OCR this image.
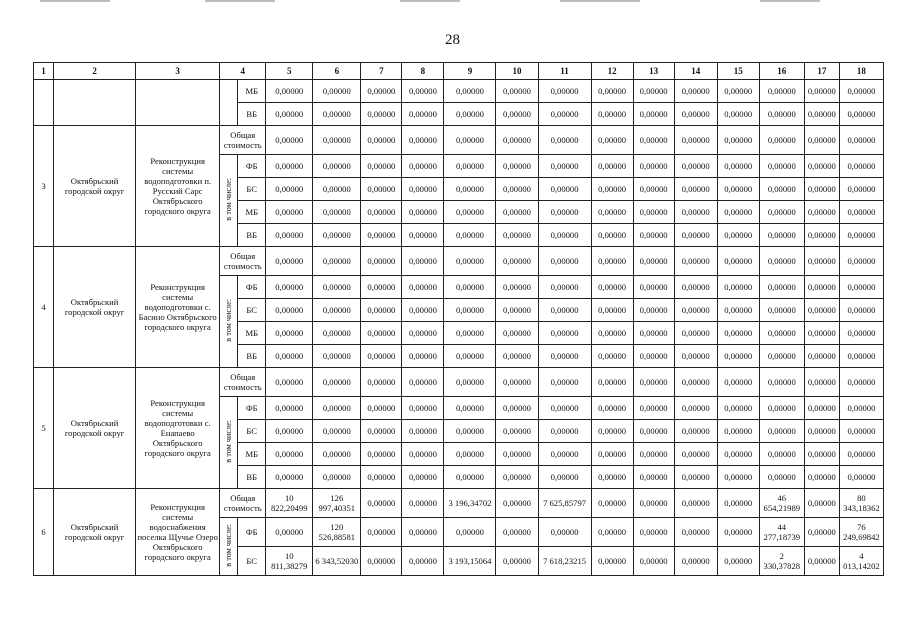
28
1	2	3	4		5	6	7	8	9	10	11	12	13	14	15	16	17	18
				МБ	0,00000	0,00000	0,00000	0,00000	0,00000	0,00000	0,00000	0,00000	0,00000	0,00000	0,00000	0,00000	0,00000	0,00000
				ВБ	0,00000	0,00000	0,00000	0,00000	0,00000	0,00000	0,00000	0,00000	0,00000	0,00000	0,00000	0,00000	0,00000	0,00000
3	Октябрьский городской округ	Реконструкция системы водоподготовки п. Русский Сарс Октябрьского городского округа	Общая стоимость		0,00000	0,00000	0,00000	0,00000	0,00000	0,00000	0,00000	0,00000	0,00000	0,00000	0,00000	0,00000	0,00000	0,00000
			в том числе:	ФБ	0,00000	0,00000	0,00000	0,00000	0,00000	0,00000	0,00000	0,00000	0,00000	0,00000	0,00000	0,00000	0,00000	0,00000
				БС	0,00000	0,00000	0,00000	0,00000	0,00000	0,00000	0,00000	0,00000	0,00000	0,00000	0,00000	0,00000	0,00000	0,00000
				МБ	0,00000	0,00000	0,00000	0,00000	0,00000	0,00000	0,00000	0,00000	0,00000	0,00000	0,00000	0,00000	0,00000	0,00000
				ВБ	0,00000	0,00000	0,00000	0,00000	0,00000	0,00000	0,00000	0,00000	0,00000	0,00000	0,00000	0,00000	0,00000	0,00000
4	Октябрьский городской округ	Реконструкция системы водоподготовки с. Басино Октябрьского городского округа	Общая стоимость		0,00000	0,00000	0,00000	0,00000	0,00000	0,00000	0,00000	0,00000	0,00000	0,00000	0,00000	0,00000	0,00000	0,00000
			в том числе:	ФБ	0,00000	0,00000	0,00000	0,00000	0,00000	0,00000	0,00000	0,00000	0,00000	0,00000	0,00000	0,00000	0,00000	0,00000
				БС	0,00000	0,00000	0,00000	0,00000	0,00000	0,00000	0,00000	0,00000	0,00000	0,00000	0,00000	0,00000	0,00000	0,00000
				МБ	0,00000	0,00000	0,00000	0,00000	0,00000	0,00000	0,00000	0,00000	0,00000	0,00000	0,00000	0,00000	0,00000	0,00000
				ВБ	0,00000	0,00000	0,00000	0,00000	0,00000	0,00000	0,00000	0,00000	0,00000	0,00000	0,00000	0,00000	0,00000	0,00000
5	Октябрьский городской округ	Реконструкция системы водоподготовки с. Енапаево Октябрьского городского округа	Общая стоимость		0,00000	0,00000	0,00000	0,00000	0,00000	0,00000	0,00000	0,00000	0,00000	0,00000	0,00000	0,00000	0,00000	0,00000
			в том числе:	ФБ	0,00000	0,00000	0,00000	0,00000	0,00000	0,00000	0,00000	0,00000	0,00000	0,00000	0,00000	0,00000	0,00000	0,00000
				БС	0,00000	0,00000	0,00000	0,00000	0,00000	0,00000	0,00000	0,00000	0,00000	0,00000	0,00000	0,00000	0,00000	0,00000
				МБ	0,00000	0,00000	0,00000	0,00000	0,00000	0,00000	0,00000	0,00000	0,00000	0,00000	0,00000	0,00000	0,00000	0,00000
				ВБ	0,00000	0,00000	0,00000	0,00000	0,00000	0,00000	0,00000	0,00000	0,00000	0,00000	0,00000	0,00000	0,00000	0,00000
6	Октябрьский городской округ	Реконструкция системы водоснабжения поселка Щучье Озеро Октябрьского городского округа	Общая стоимость		10 822,20499	126 997,40351	0,00000	0,00000	3 196,34702	0,00000	7 625,85797	0,00000	0,00000	0,00000	0,00000	46 654,21989	0,00000	80 343,18362
			в том числе:	ФБ	0,00000	120 526,88581	0,00000	0,00000	0,00000	0,00000	0,00000	0,00000	0,00000	0,00000	0,00000	44 277,18739	0,00000	76 249,69842
				БС	10 811,38279	6 343,52030	0,00000	0,00000	3 193,15064	0,00000	7 618,23215	0,00000	0,00000	0,00000	0,00000	2 330,37828	0,00000	4 013,14202
